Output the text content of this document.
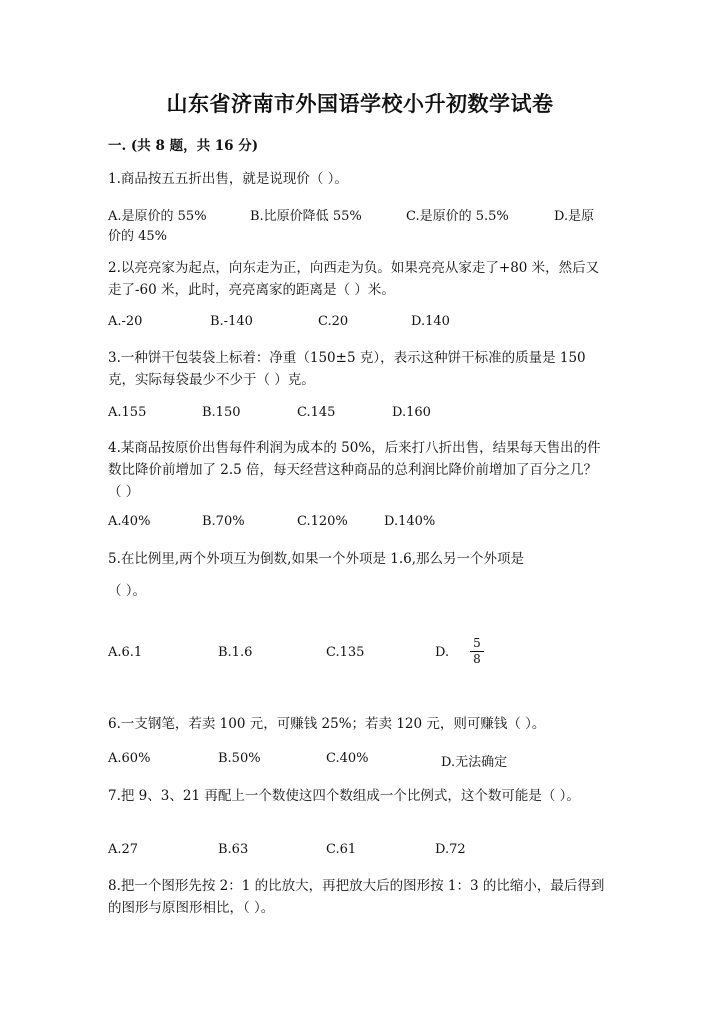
山东省济南市外国语学校小升初数学试卷
一. (共 8 题，共 16 分)
1.商品按五五折出售，就是说现价（ ）。
A.是原价的 55%	B.比原价降低 55%	C.是原价的 5.5%	D.是原
价的 45%
2.以亮亮家为起点，向东走为正，向西走为负。如果亮亮从家走了+80 米，然后又走了-60 米，此时，亮亮离家的距离是（ ）米。
A.-20	B.-140	C.20	D.140
3.一种饼干包装袋上标着：净重（150±5 克），表示这种饼干标准的质量是 150 克，实际每袋最少不少于（ ）克。
A.155	B.150	C.145	D.160
4.某商品按原价出售每件利润为成本的 50%，后来打八折出售，结果每天售出的件数比降价前增加了 2.5 倍，每天经营这种商品的总利润比降价前增加了百分之几？（ ）
A.40%	B.70%	C.120%	D.140%
5.在比例里,两个外项互为倒数,如果一个外项是 1.6,那么另一个外项是
（ ）。
A.6.1	B.1.6	C.135	D.
5
8
6.一支钢笔，若卖 100 元，可赚钱 25%；若卖 120 元，则可赚钱（ ）。
A.60%	B.50%	C.40%	D.无法确定
7.把 9、3、21 再配上一个数使这四个数组成一个比例式，这个数可能是（ ）。
A.27	B.63	C.61	D.72
8.把一个图形先按 2：1 的比放大，再把放大后的图形按 1：3 的比缩小，最后得到的图形与原图形相比，（ ）。
